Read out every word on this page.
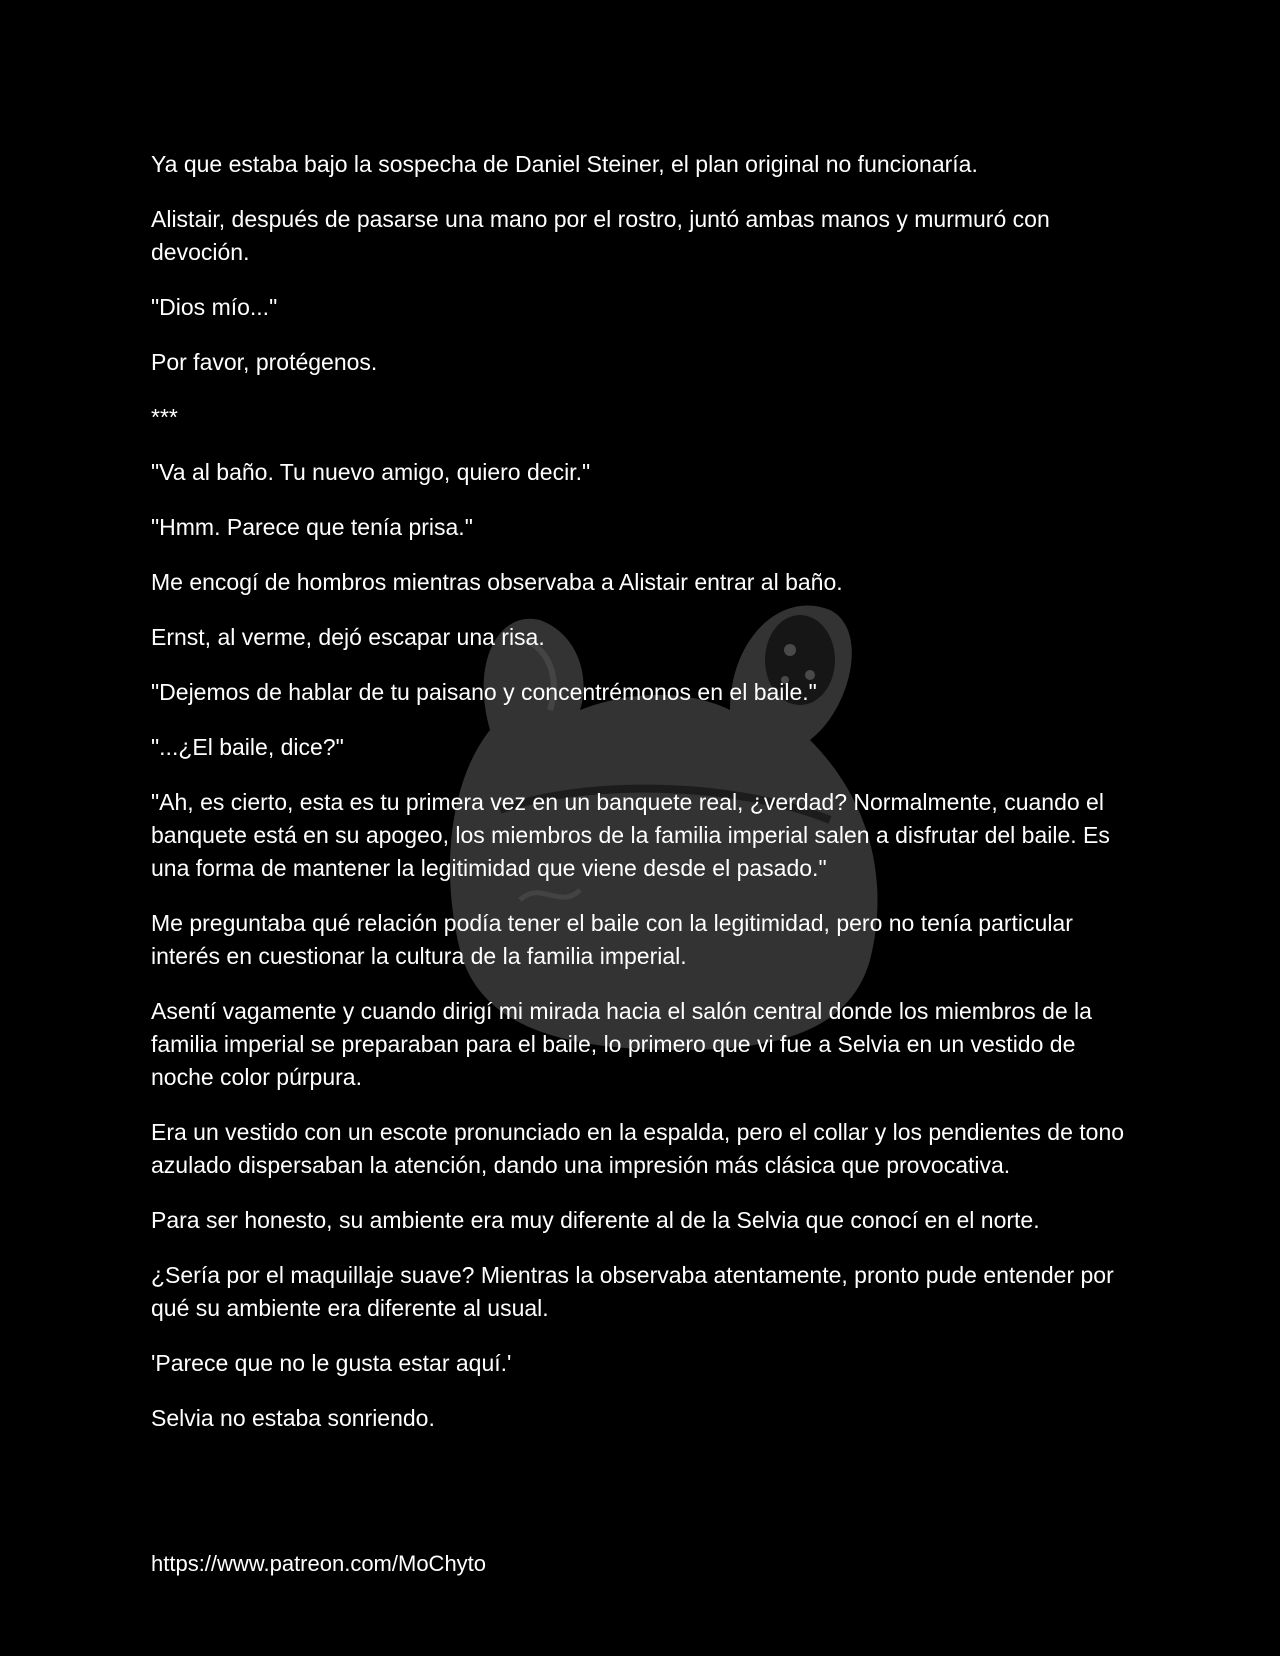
Ya que estaba bajo la sospecha de Daniel Steiner, el plan original no funcionaría.

Alistair, después de pasarse una mano por el rostro, juntó ambas manos y murmuró con devoción.

"Dios mío..."

Por favor, protégenos.

***

"Va al baño. Tu nuevo amigo, quiero decir."

"Hmm. Parece que tenía prisa."

Me encogí de hombros mientras observaba a Alistair entrar al baño.

Ernst, al verme, dejó escapar una risa.

"Dejemos de hablar de tu paisano y concentrémonos en el baile."

"...¿El baile, dice?"

"Ah, es cierto, esta es tu primera vez en un banquete real, ¿verdad? Normalmente, cuando el banquete está en su apogeo, los miembros de la familia imperial salen a disfrutar del baile. Es una forma de mantener la legitimidad que viene desde el pasado."

Me preguntaba qué relación podía tener el baile con la legitimidad, pero no tenía particular interés en cuestionar la cultura de la familia imperial.

Asentí vagamente y cuando dirigí mi mirada hacia el salón central donde los miembros de la familia imperial se preparaban para el baile, lo primero que vi fue a Selvia en un vestido de noche color púrpura.

Era un vestido con un escote pronunciado en la espalda, pero el collar y los pendientes de tono azulado dispersaban la atención, dando una impresión más clásica que provocativa.

Para ser honesto, su ambiente era muy diferente al de la Selvia que conocí en el norte.

¿Sería por el maquillaje suave? Mientras la observaba atentamente, pronto pude entender por qué su ambiente era diferente al usual.

'Parece que no le gusta estar aquí.'

Selvia no estaba sonriendo.

https://www.patreon.com/MoChyto
